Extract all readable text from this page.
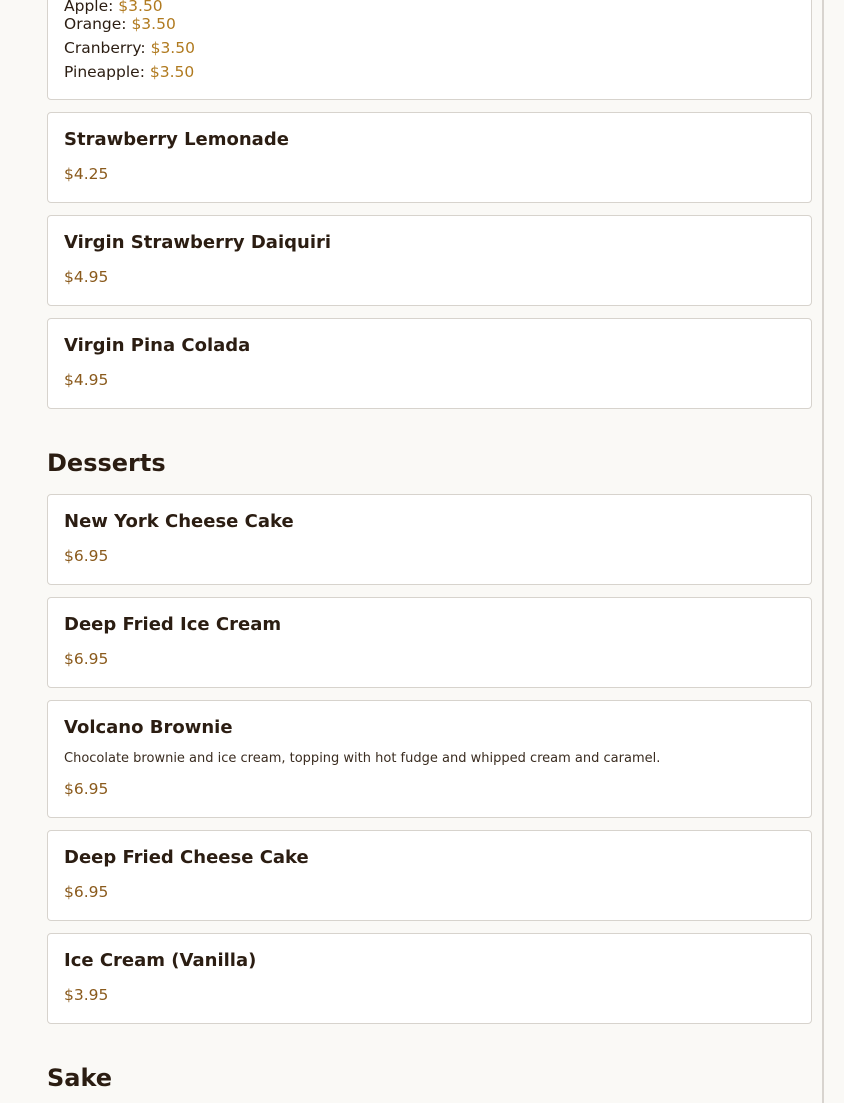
Apple: $3.50
Orange: $3.50
Cranberry: $3.50
Pineapple: $3.50
Strawberry Lemonade
$4.25
Virgin Strawberry Daiquiri
$4.95
Virgin Pina Colada
$4.95
Desserts
New York Cheese Cake
$6.95
Deep Fried Ice Cream
$6.95
Volcano Brownie
Chocolate brownie and ice cream, topping with hot fudge and whipped cream and caramel.
$6.95
Deep Fried Cheese Cake
$6.95
Ice Cream (Vanilla)
$3.95
Sake
